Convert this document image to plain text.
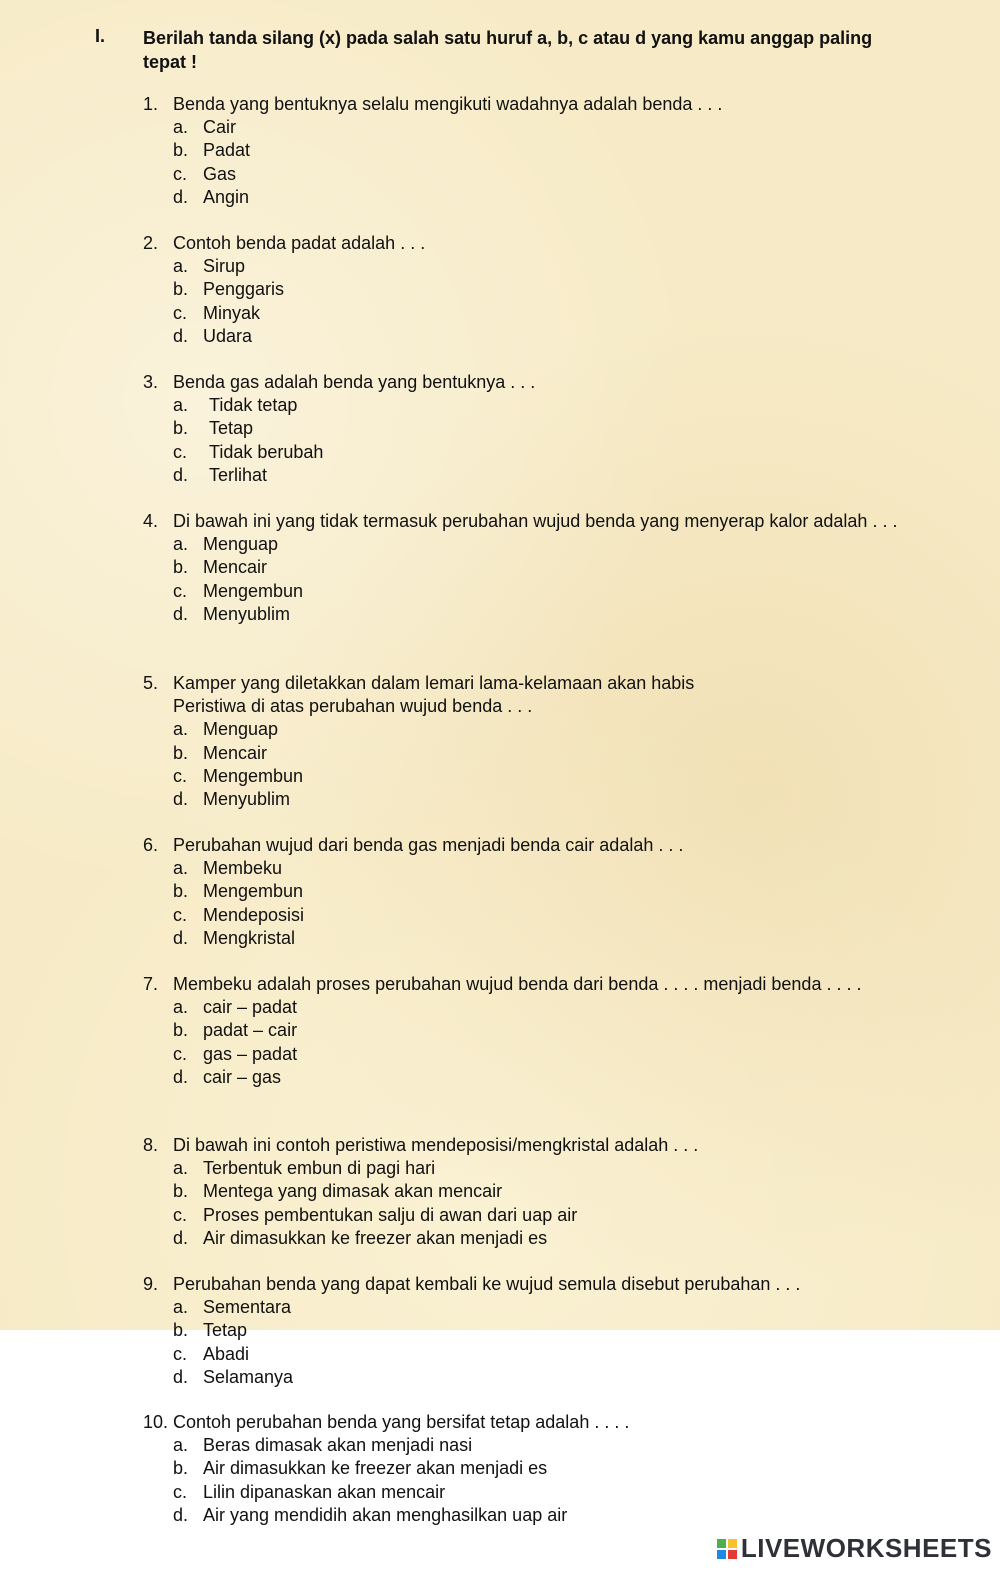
I. Berilah tanda silang (x) pada salah satu huruf a, b, c atau d yang kamu anggap paling tepat !
1. Benda yang bentuknya selalu mengikuti wadahnya adalah benda . . .
a. Cair
b. Padat
c. Gas
d. Angin
2. Contoh benda padat adalah . . .
a. Sirup
b. Penggaris
c. Minyak
d. Udara
3. Benda gas adalah benda yang bentuknya . . .
a.	Tidak tetap
b.	Tetap
c.	Tidak berubah
d.	Terlihat
4. Di bawah ini yang tidak termasuk perubahan wujud benda yang menyerap kalor adalah . . .
a. Menguap
b. Mencair
c. Mengembun
d. Menyublim
5. Kamper yang diletakkan dalam lemari lama-kelamaan akan habis
Peristiwa di atas perubahan wujud benda . . .
a. Menguap
b. Mencair
c. Mengembun
d. Menyublim
6. Perubahan wujud dari benda gas menjadi benda cair adalah . . .
a. Membeku
b. Mengembun
c. Mendeposisi
d. Mengkristal
7. Membeku adalah proses perubahan wujud benda dari benda . . . . menjadi benda . . . .
a. cair – padat
b. padat – cair
c. gas – padat
d. cair – gas
8. Di bawah ini contoh peristiwa mendeposisi/mengkristal adalah . . .
a. Terbentuk embun di pagi hari
b. Mentega yang dimasak akan mencair
c. Proses pembentukan salju di awan dari uap air
d. Air dimasukkan ke freezer akan menjadi es
9. Perubahan benda yang dapat kembali ke wujud semula disebut perubahan . . .
a. Sementara
b. Tetap
c. Abadi
d. Selamanya
10. Contoh perubahan benda yang bersifat tetap adalah . . . .
a. Beras dimasak akan menjadi nasi
b. Air dimasukkan ke freezer akan menjadi es
c. Lilin dipanaskan akan mencair
d. Air yang mendidih akan menghasilkan uap air
LIVEWORKSHEETS
